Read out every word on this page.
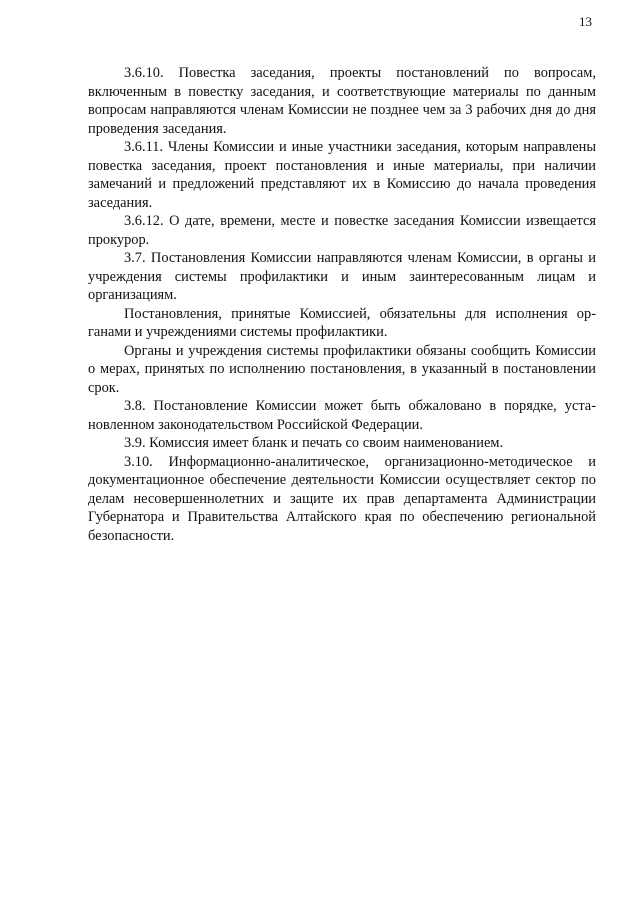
13

3.6.10. Повестка заседания, проекты постановлений по вопросам, включенным в повестку заседания, и соответствующие материалы по данным вопросам направляются членам Комиссии не позднее чем за 3 рабочих дня до дня проведения заседания.

3.6.11. Члены Комиссии и иные участники заседания, которым направлены повестка заседания, проект постановления и иные материалы, при наличии замечаний и предложений представляют их в Комиссию до начала проведения заседания.

3.6.12. О дате, времени, месте и повестке заседания Комиссии извещается прокурор.

3.7. Постановления Комиссии направляются членам Комиссии, в органы и учреждения системы профилактики и иным заинтересованным лицам и организациям.

Постановления, принятые Комиссией, обязательны для исполнения органами и учреждениями системы профилактики.

Органы и учреждения системы профилактики обязаны сообщить Комиссии о мерах, принятых по исполнению постановления, в указанный в постановлении срок.

3.8. Постановление Комиссии может быть обжаловано в порядке, установленном законодательством Российской Федерации.

3.9. Комиссия имеет бланк и печать со своим наименованием.

3.10. Информационно-аналитическое, организационно-методическое и документационное обеспечение деятельности Комиссии осуществляет сектор по делам несовершеннолетних и защите их прав департамента Администрации Губернатора и Правительства Алтайского края по обеспечению региональной безопасности.
